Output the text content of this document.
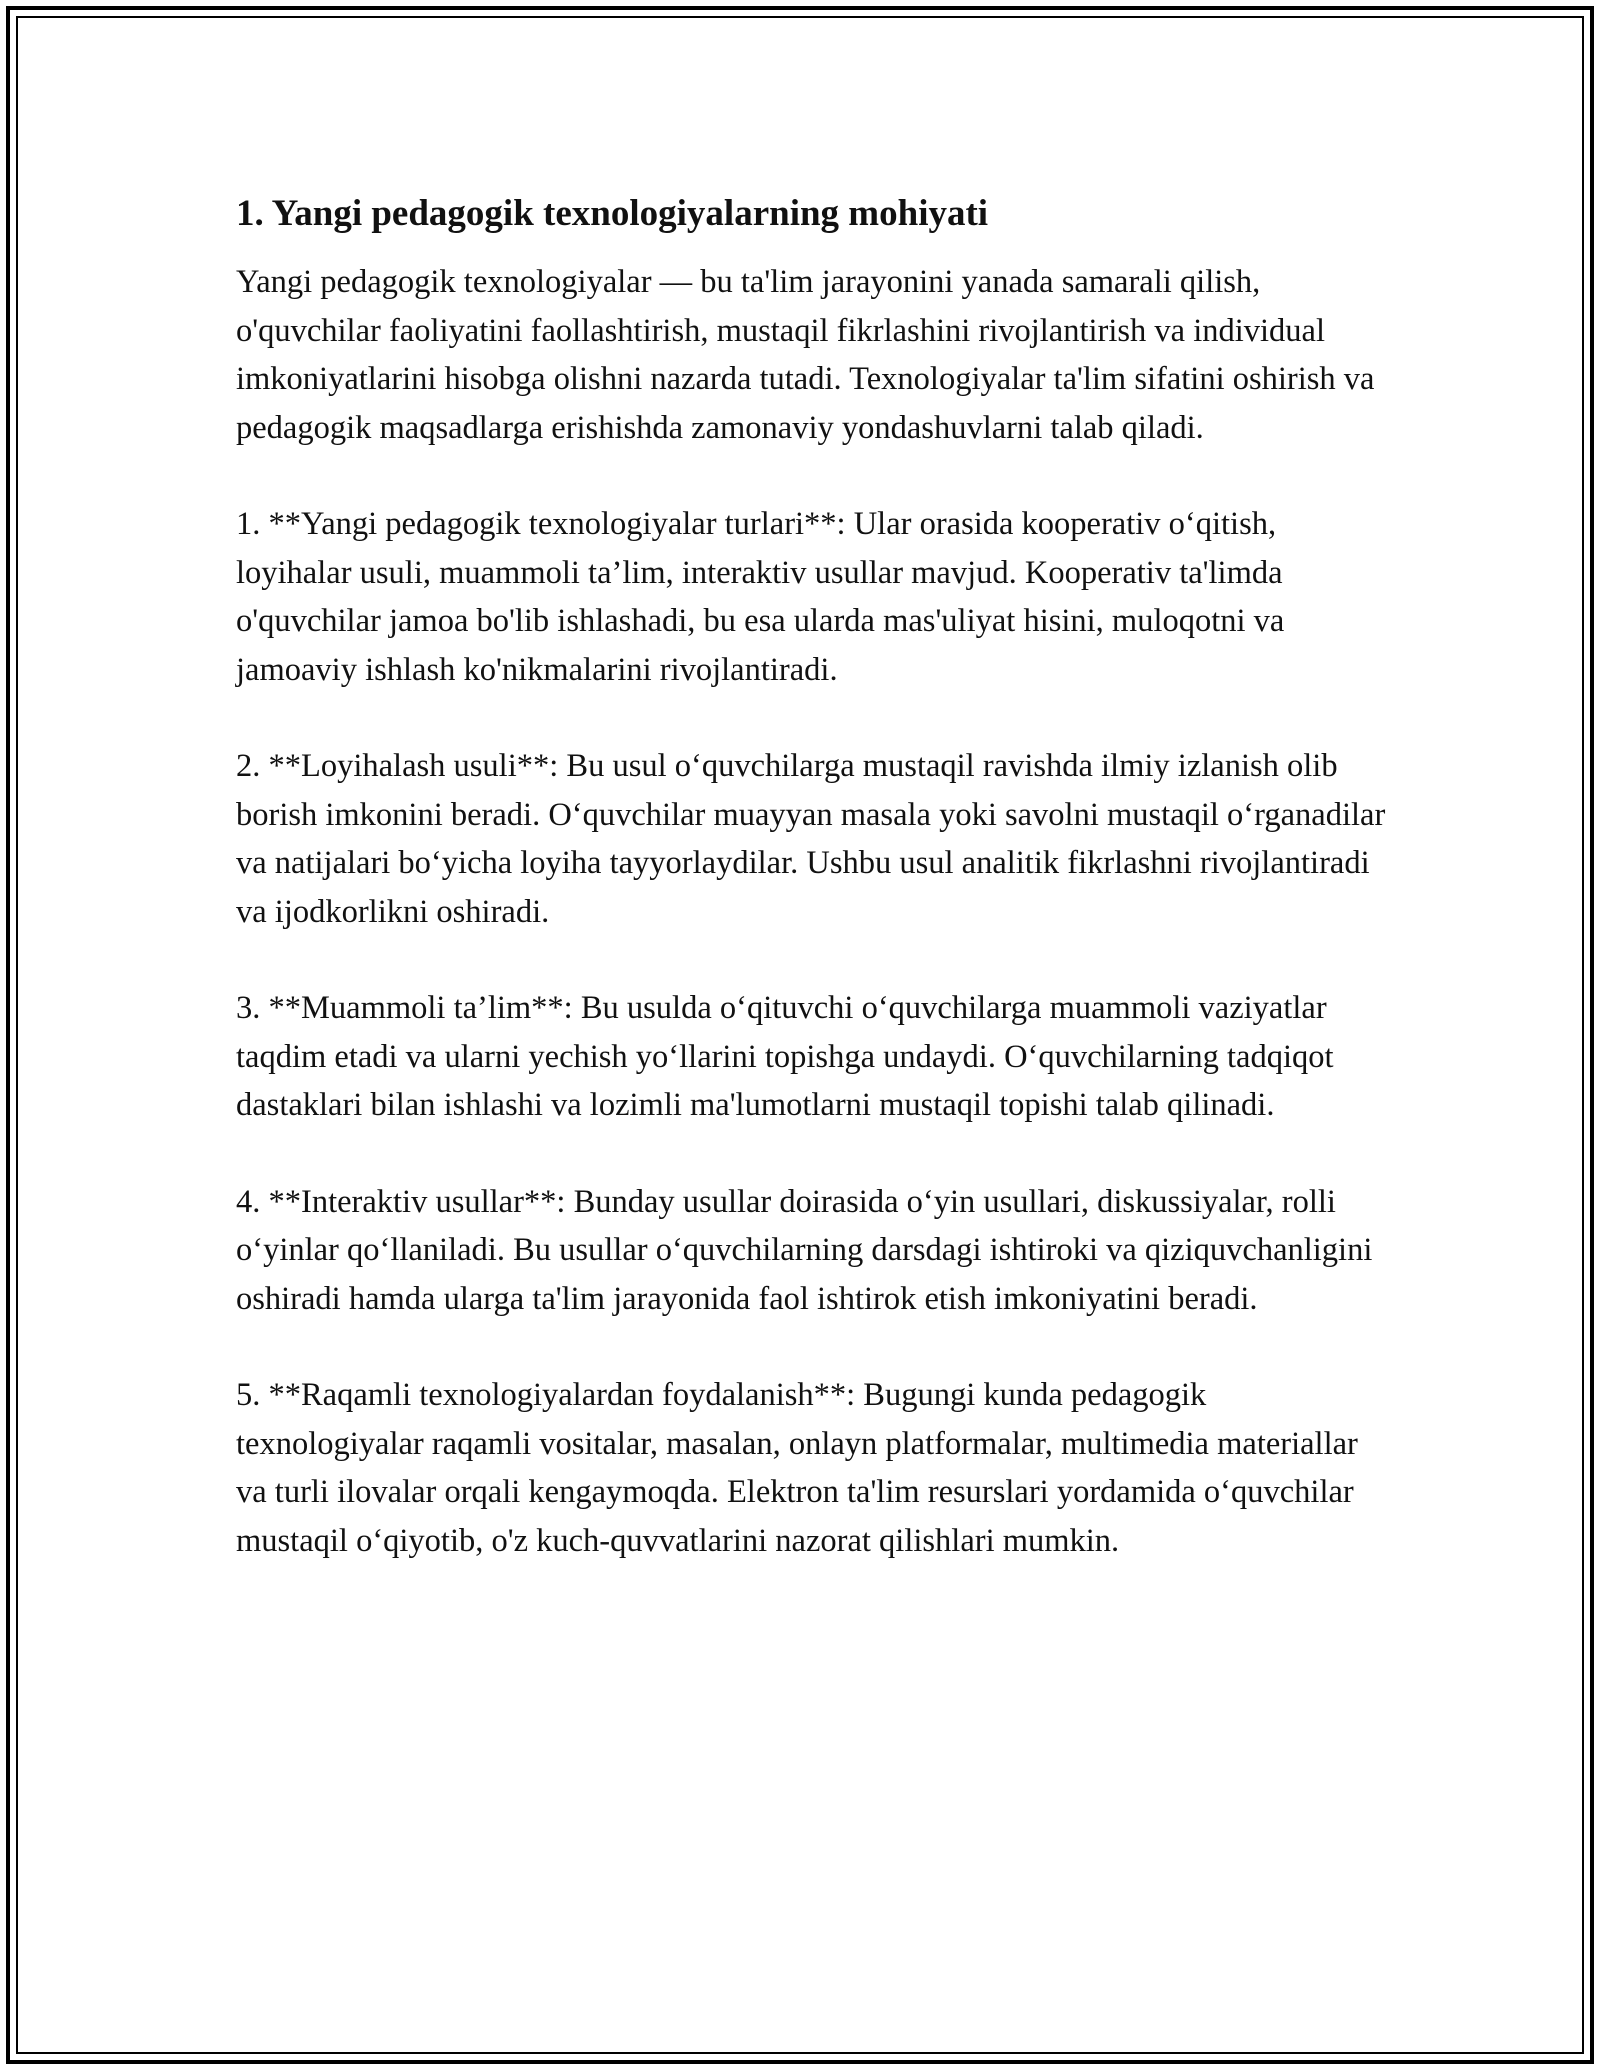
1. Yangi pedagogik texnologiyalarning mohiyati

Yangi pedagogik texnologiyalar — bu ta'lim jarayonini yanada samarali qilish, o'quvchilar faoliyatini faollashtirish, mustaqil fikrlashini rivojlantirish va individual imkoniyatlarini hisobga olishni nazarda tutadi. Texnologiyalar ta'lim sifatini oshirish va pedagogik maqsadlarga erishishda zamonaviy yondashuvlarni talab qiladi.

1. **Yangi pedagogik texnologiyalar turlari**: Ular orasida kooperativ o‘qitish, loyihalar usuli, muammoli ta’lim, interaktiv usullar mavjud. Kooperativ ta'limda o'quvchilar jamoa bo'lib ishlashadi, bu esa ularda mas'uliyat hisini, muloqotni va jamoaviy ishlash ko'nikmalarini rivojlantiradi.

2. **Loyihalash usuli**: Bu usul o‘quvchilarga mustaqil ravishda ilmiy izlanish olib borish imkonini beradi. O‘quvchilar muayyan masala yoki savolni mustaqil o‘rganadilar va natijalari bo‘yicha loyiha tayyorlaydilar. Ushbu usul analitik fikrlashni rivojlantiradi va ijodkorlikni oshiradi.

3. **Muammoli ta’lim**: Bu usulda o‘qituvchi o‘quvchilarga muammoli vaziyatlar taqdim etadi va ularni yechish yo‘llarini topishga undaydi. O‘quvchilarning tadqiqot dastaklari bilan ishlashi va lozimli ma'lumotlarni mustaqil topishi talab qilinadi.

4. **Interaktiv usullar**: Bunday usullar doirasida o‘yin usullari, diskussiyalar, rolli o‘yinlar qo‘llaniladi. Bu usullar o‘quvchilarning darsdagi ishtiroki va qiziquvchanligini oshiradi hamda ularga ta'lim jarayonida faol ishtirok etish imkoniyatini beradi.

5. **Raqamli texnologiyalardan foydalanish**: Bugungi kunda pedagogik texnologiyalar raqamli vositalar, masalan, onlayn platformalar, multimedia materiallar va turli ilovalar orqali kengaymoqda. Elektron ta'lim resurslari yordamida o‘quvchilar mustaqil o‘qiyotib, o'z kuch-quvvatlarini nazorat qilishlari mumkin.
